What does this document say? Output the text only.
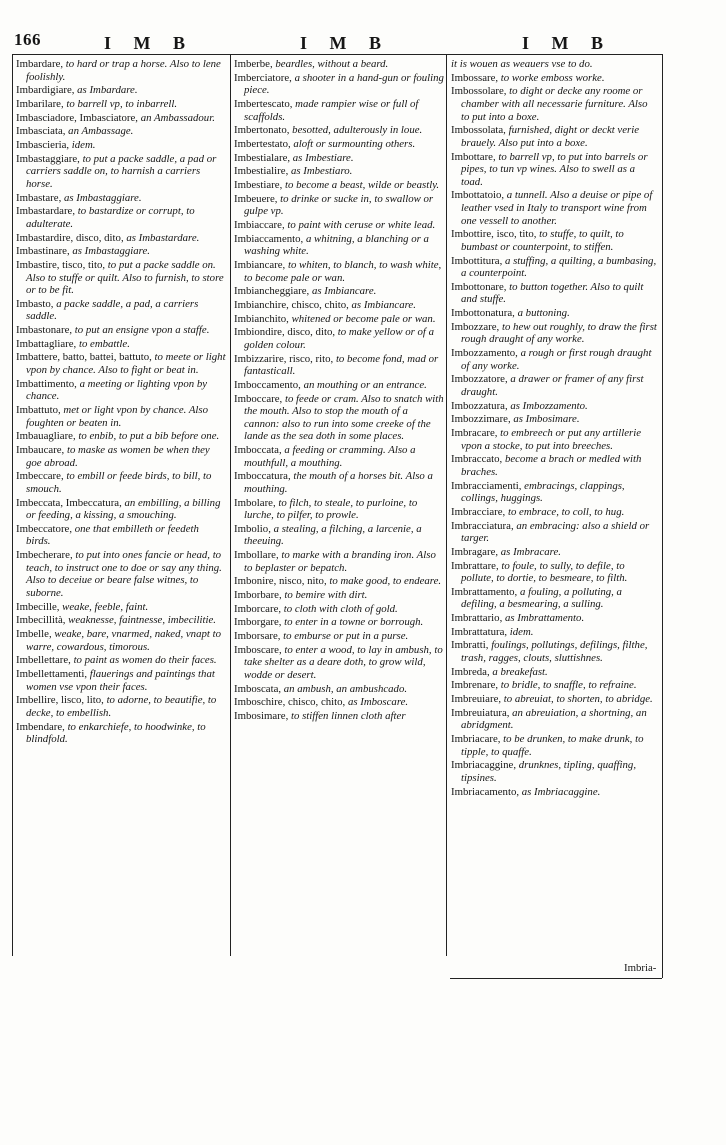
166	I M B	I M B	I M B
Imbardare, to hard or trap a horse. Also to lene foolishly.
Imbardigiare, as Imbardare.
Imbarilare, to barrell vp, to inbarrell.
Imbasciadore, Imbasciatore, an Ambassadour.
Imbasciata, an Ambassage.
Imbascieria, idem.
Imbastaggiare, to put a packe saddle, a pad or carriers saddle on, to harnish a carriers horse.
Imbastare, as Imbastaggiare.
Imbastardare, to bastardize or corrupt, to adulterate.
Imbastardire, disco, dito, as Imbastardare.
Imbastinare, as Imbastaggiare.
Imbastire, tisco, tito, to put a packe saddle on. Also to stuffe or quilt. Also to furnish, to store or to be fit.
Imbasto, a packe saddle, a pad, a carriers saddle.
Imbastonare, to put an ensigne vpon a staffe.
Imbattagliare, to embattle.
Imbattere, batto, battei, battuto, to meete or light vpon by chance. Also to fight or beat in.
Imbattimento, a meeting or lighting vpon by chance.
Imbattuto, met or light vpon by chance. Also foughten or beaten in.
Imbauagliare, to enbib, to put a bib before one.
Imbaucare, to maske as women be when they goe abroad.
Imbeccare, to embill or feede birds, to bill, to smouch.
Imbeccata, Imbeccatura, an embilling, a billing or feeding, a kissing, a smouching.
Imbeccatore, one that embilleth or feedeth birds.
Imbecherare, to put into ones fancie or head, to teach, to instruct one to doe or say any thing. Also to deceiue or beare false witnes, to suborne.
Imbecille, weake, feeble, faint.
Imbecillità, weaknesse, faintnesse, imbecilitie.
Imbelle, weake, bare, vnarmed, naked, vnapt to warre, cowardous, timorous.
Imbellettare, to paint as women do their faces.
Imbellettamenti, flauerings and paintings that women vse vpon their faces.
Imbellire, lisco, lito, to adorne, to beautifie, to decke, to embellish.
Imbendare, to enkarchiefe, to hoodwinke, to blindfold.
Imberbe, beardles, without a beard.
Imberciatore, a shooter in a hand-gun or fouling piece.
Imbertescato, made rampier wise or full of scaffolds.
Imbertonato, besotted, adulterously in loue.
Imbertestato, aloft or surmounting others.
Imbestialare, as Imbestiare.
Imbestialire, as Imbestiaro.
Imbestiare, to become a beast, wilde or beastly.
Imbeuere, to drinke or sucke in, to swallow or gulpe vp.
Imbiaccare, to paint with ceruse or white lead.
Imbiaccamento, a whitning, a blanching or a washing white.
Imbiancare, to whiten, to blanch, to wash white, to become pale or wan.
Imbiancheggiare, as Imbiancare.
Imbianchire, chisco, chito, as Imbiancare.
Imbianchito, whitened or become pale or wan.
Imbiondire, disco, dito, to make yellow or of a golden colour.
Imbizzarire, risco, rito, to become fond, mad or fantasticall.
Imboccamento, an mouthing or an entrance.
Imboccare, to feede or cram. Also to snatch with the mouth. Also to stop the mouth of a cannon: also to run into some creeke of the lande as the sea doth in some places.
Imboccata, a feeding or cramming. Also a mouthfull, a mouthing.
Imboccatura, the mouth of a horses bit. Also a mouthing.
Imbolare, to filch, to steale, to purloine, to lurche, to pilfer, to prowle.
Imbolio, a stealing, a filching, a larcenie, a theeuing.
Imbollare, to marke with a branding iron. Also to beplaster or bepatch.
Imbonire, nisco, nito, to make good, to endeare.
Imborbare, to bemire with dirt.
Imborcare, to cloth with cloth of gold.
Imborgare, to enter in a towne or borrough.
Imborsare, to emburse or put in a purse.
Imboscare, to enter a wood, to lay in ambush, to take shelter as a deare doth, to grow wild, wodde or desert.
Imboscata, an ambush, an ambushcado.
Imboschire, chisco, chito, as Imboscare.
Imbosimare, to stiffen linnen cloth after
it is wouen as weauers vse to do.
Imbossare, to worke emboss worke.
Imbossolare, to dight or decke any roome or chamber with all necessarie furniture. Also to put into a boxe.
Imbossolata, furnished, dight or deckt verie brauely. Also put into a boxe.
Imbottare, to barrell vp, to put into barrels or pipes, to tun vp wines. Also to swell as a toad.
Imbottatoio, a tunnell. Also a deuise or pipe of leather vsed in Italy to transport wine from one vessell to another.
Imbottire, isco, tito, to stuffe, to quilt, to bumbast or counterpoint, to stiffen.
Imbottitura, a stuffing, a quilting, a bumbasing, a counterpoint.
Imbottonare, to button together. Also to quilt and stuffe.
Imbottonatura, a buttoning.
Imbozzare, to hew out roughly, to draw the first rough draught of any worke.
Imbozzamento, a rough or first rough draught of any worke.
Imbozzatore, a drawer or framer of any first draught.
Imbozzatura, as Imbozzamento.
Imbozzimare, as Imbosimare.
Imbracare, to embreech or put any artillerie vpon a stocke, to put into breeches.
Imbraccato, become a brach or medled with braches.
Imbracciamenti, embracings, clappings, collings, huggings.
Imbracciare, to embrace, to coll, to hug.
Imbracciatura, an embracing: also a shield or targer.
Imbragare, as Imbracare.
Imbrattare, to foule, to sully, to defile, to pollute, to dortie, to besmeare, to filth.
Imbrattamento, a fouling, a polluting, a defiling, a besmearing, a sulling.
Imbrattario, as Imbrattamento.
Imbrattatura, idem.
Imbratti, foulings, pollutings, defilings, filthe, trash, ragges, clouts, sluttishnes.
Imbreda, a breakefast.
Imbrenare, to bridle, to snaffle, to refraine.
Imbreuiare, to abreuiat, to shorten, to abridge.
Imbreuiatura, an abreuiation, a shortning, an abridgment.
Imbriacare, to be drunken, to make drunk, to tipple, to quaffe.
Imbriacaggine, drunknes, tipling, quaffing, tipsines.
Imbriacamento, as Imbriacaggine.
Imbria-
